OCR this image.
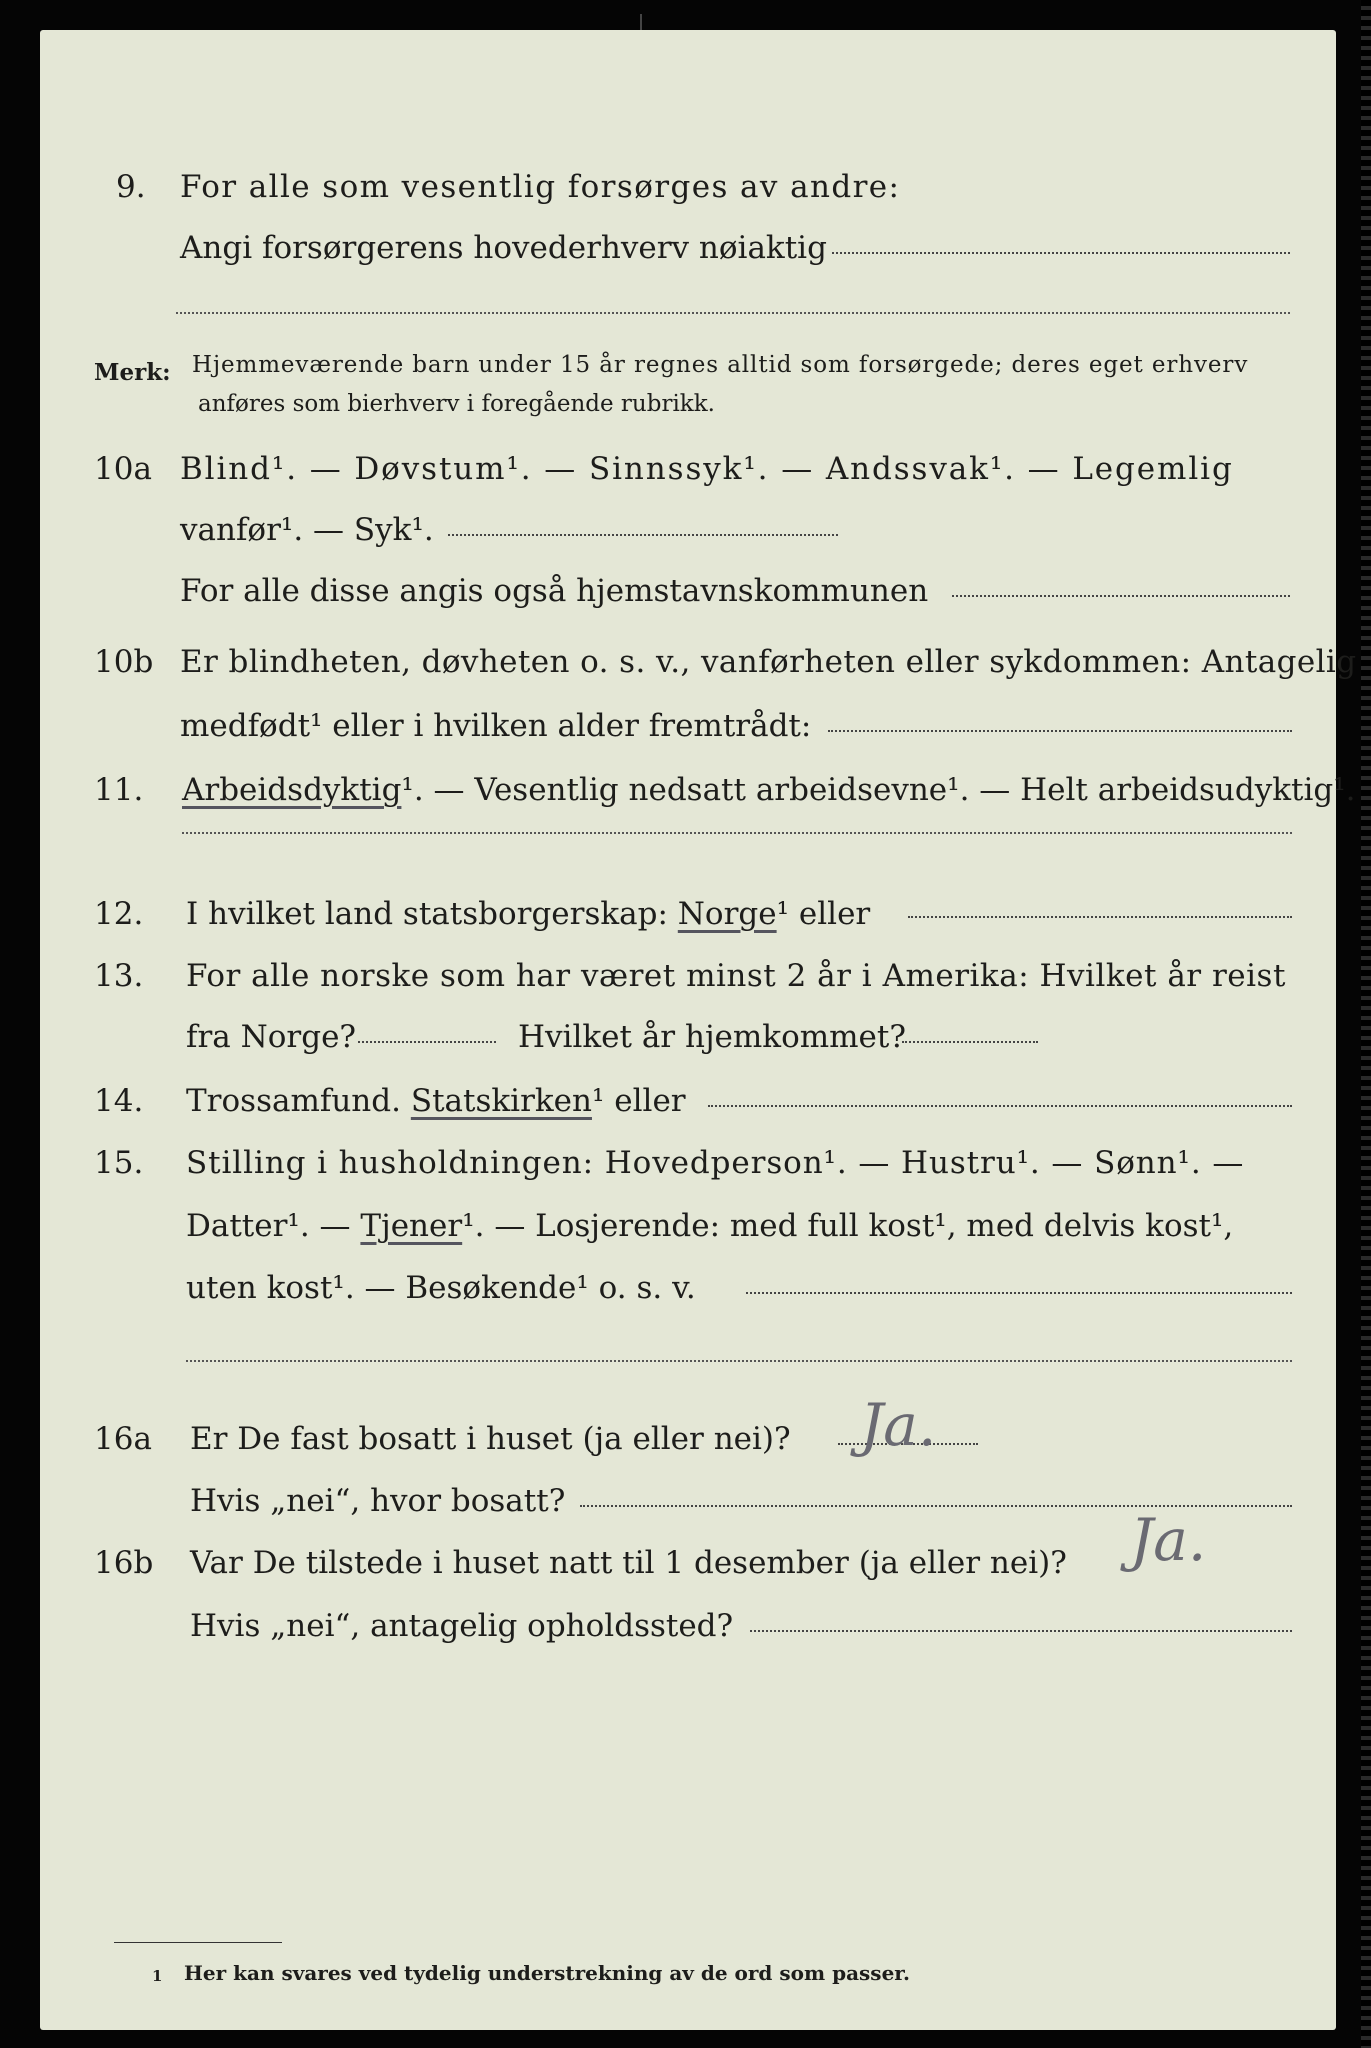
9. For alle som vesentlig forsørges av andre:
Angi forsørgerens hovederhverv nøiaktig
Merk: Hjemmeværende barn under 15 år regnes alltid som forsørgede; deres eget erhverv
anføres som bierhverv i foregående rubrikk.
10a Blind¹. — Døvstum¹. — Sinnssyk¹. — Andssvak¹. — Legemlig
vanfør¹. — Syk¹.
For alle disse angis også hjemstavnskommunen
10b Er blindheten, døvheten o. s. v., vanførheten eller sykdommen: Antagelig
medfødt¹ eller i hvilken alder fremtrådt:
11. Arbeidsdyktig¹. — Vesentlig nedsatt arbeidsevne¹. — Helt arbeidsudyktig¹.
12. I hvilket land statsborgerskap: Norge¹ eller
13. For alle norske som har været minst 2 år i Amerika: Hvilket år reist
fra Norge?	Hvilket år hjemkommet?
14. Trossamfund. Statskirken¹ eller
15. Stilling i husholdningen: Hovedperson¹. — Hustru¹. — Sønn¹. —
Datter¹. — Tjener¹. — Losjerende: med full kost¹, med delvis kost¹,
uten kost¹. — Besøkende¹ o. s. v.
16a Er De fast bosatt i huset (ja eller nei)? Ja.
Hvis „nei“, hvor bosatt?
16b Var De tilstede i huset natt til 1 desember (ja eller nei)? Ja.
Hvis „nei“, antagelig opholdssted?
1 Her kan svares ved tydelig understrekning av de ord som passer.
